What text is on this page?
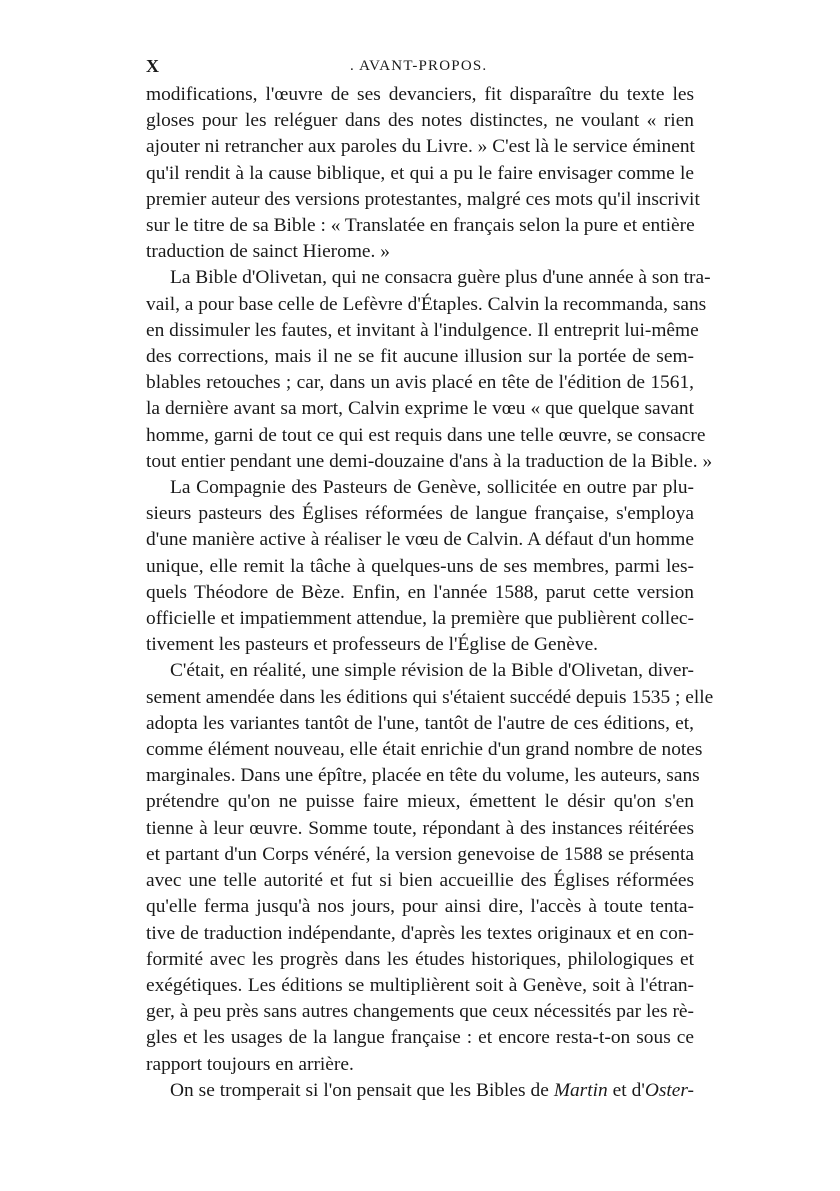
X	. AVANT-PROPOS.
modifications, l'œuvre de ses devanciers, fit disparaître du texte les
gloses pour les reléguer dans des notes distinctes, ne voulant « rien
ajouter ni retrancher aux paroles du Livre. » C'est là le service éminent
qu'il rendit à la cause biblique, et qui a pu le faire envisager comme le
premier auteur des versions protestantes, malgré ces mots qu'il inscrivit
sur le titre de sa Bible : « Translatée en français selon la pure et entière
traduction de sainct Hierome. »
La Bible d'Olivetan, qui ne consacra guère plus d'une année à son tra-
vail, a pour base celle de Lefèvre d'Étaples. Calvin la recommanda, sans
en dissimuler les fautes, et invitant à l'indulgence. Il entreprit lui-même
des corrections, mais il ne se fit aucune illusion sur la portée de sem-
blables retouches ; car, dans un avis placé en tête de l'édition de 1561,
la dernière avant sa mort, Calvin exprime le vœu « que quelque savant
homme, garni de tout ce qui est requis dans une telle œuvre, se consacre
tout entier pendant une demi-douzaine d'ans à la traduction de la Bible. »
La Compagnie des Pasteurs de Genève, sollicitée en outre par plu-
sieurs pasteurs des Églises réformées de langue française, s'employa
d'une manière active à réaliser le vœu de Calvin. A défaut d'un homme
unique, elle remit la tâche à quelques-uns de ses membres, parmi les-
quels Théodore de Bèze. Enfin, en l'année 1588, parut cette version
officielle et impatiemment attendue, la première que publièrent collec-
tivement les pasteurs et professeurs de l'Église de Genève.
C'était, en réalité, une simple révision de la Bible d'Olivetan, diver-
sement amendée dans les éditions qui s'étaient succédé depuis 1535 ; elle
adopta les variantes tantôt de l'une, tantôt de l'autre de ces éditions, et,
comme élément nouveau, elle était enrichie d'un grand nombre de notes
marginales. Dans une épître, placée en tête du volume, les auteurs, sans
prétendre qu'on ne puisse faire mieux, émettent le désir qu'on s'en
tienne à leur œuvre. Somme toute, répondant à des instances réitérées
et partant d'un Corps vénéré, la version genevoise de 1588 se présenta
avec une telle autorité et fut si bien accueillie des Églises réformées
qu'elle ferma jusqu'à nos jours, pour ainsi dire, l'accès à toute tenta-
tive de traduction indépendante, d'après les textes originaux et en con-
formité avec les progrès dans les études historiques, philologiques et
exégétiques. Les éditions se multiplièrent soit à Genève, soit à l'étran-
ger, à peu près sans autres changements que ceux nécessités par les rè-
gles et les usages de la langue française : et encore resta-t-on sous ce
rapport toujours en arrière.
On se tromperait si l'on pensait que les Bibles de Martin et d'Oster-
